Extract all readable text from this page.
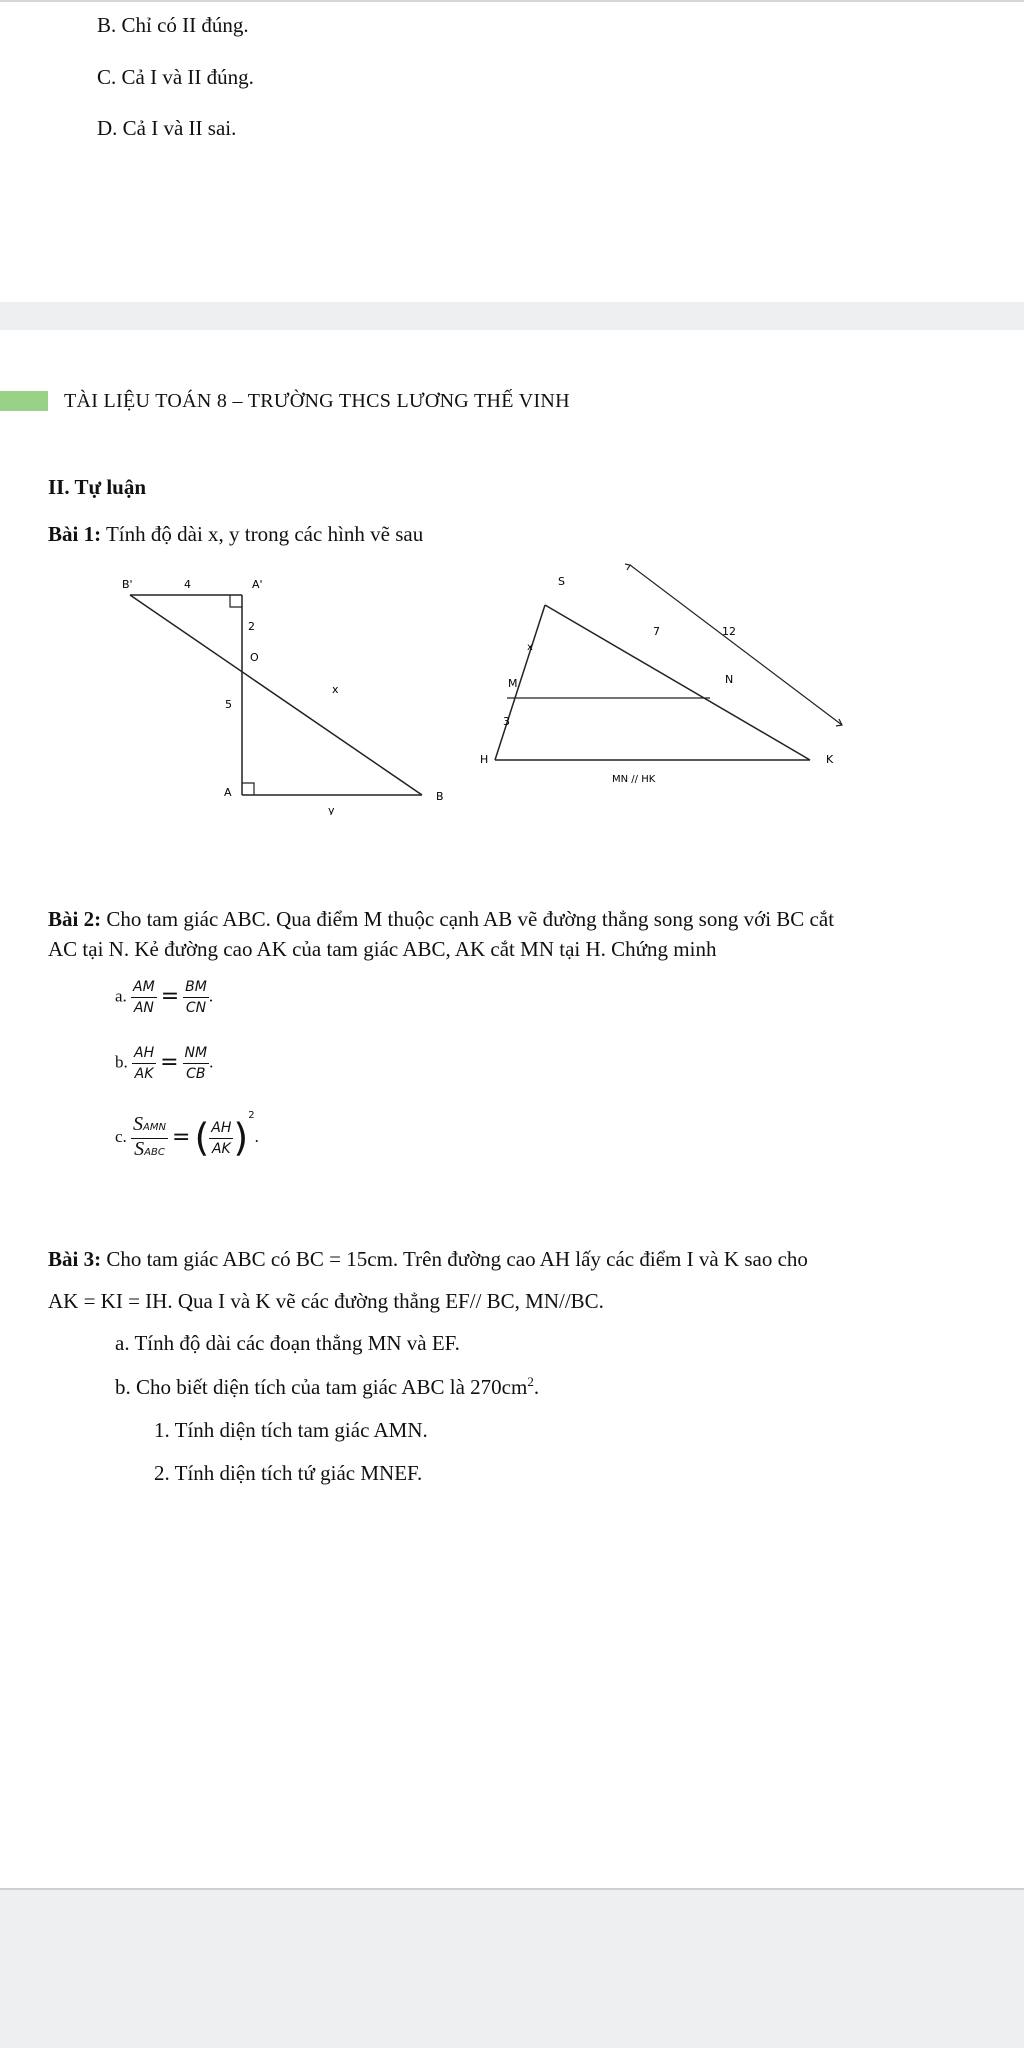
B. Chỉ có II đúng.
C. Cả I và II đúng.
D. Cả I và II sai.
TÀI LIỆU TOÁN 8 – TRƯỜNG THCS LƯƠNG THẾ VINH
II. Tự luận
Bài 1: Tính độ dài x, y trong các hình vẽ sau
B'	4	A'
2
O
5
x
A
y
B
S
x
7	12
M	N
3
H	K
MN // HK
Bài 2: Cho tam giác ABC. Qua điểm M thuộc cạnh AB vẽ đường thẳng song song với BC cắt
AC tại N. Kẻ đường cao AK của tam giác ABC, AK cắt MN tại H. Chứng minh
a. $\frac{AM}{AN} = \frac{BM}{CN}$ .
b. $\frac{AH}{AK} = \frac{NM}{CB}$ .
c. $\frac{\text{SAMN}}{\text{SABC}}$ = ( $\frac{AH}{AK} )^2$.
Bài 3: Cho tam giác ABC có BC = 15cm. Trên đường cao AH lấy các điểm I và K sao cho
AK = KI = IH. Qua I và K vẽ các đường thẳng EF// BC, MN//BC.
a. Tính độ dài các đoạn thẳng MN và EF.
b. Cho biết diện tích của tam giác ABC là $270cm^2$.
1. Tính diện tích tam giác AMN.
2. Tính diện tích tứ giác MNEF.
